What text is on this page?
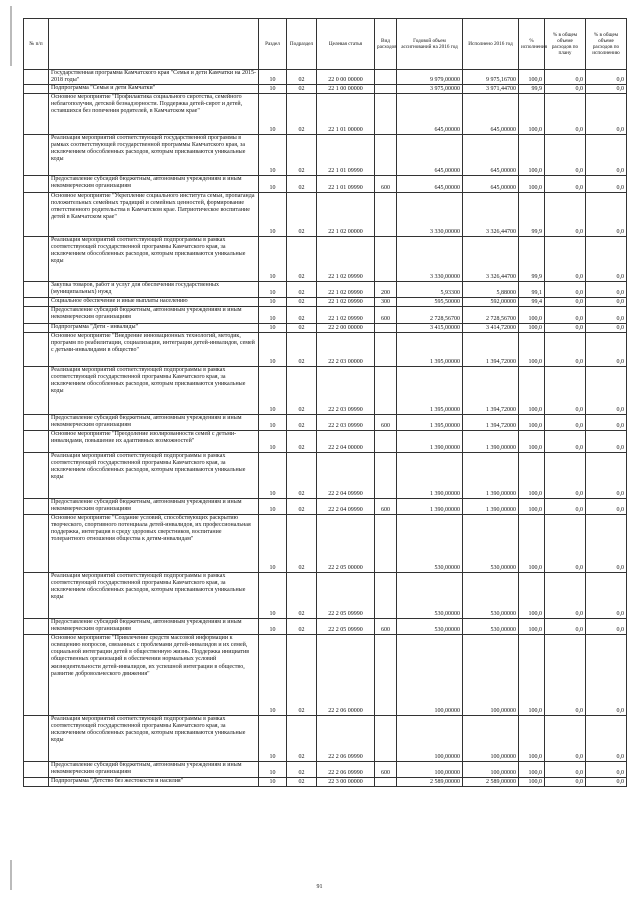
№ п/п		Раздел	Подраздел	Целевая статья	Вид расходов	Годовой объем ассигнований на 2016 год	Исполнено 2016 год	% исполнения	% в общем объеме расходов по плану	% в общем объеме расходов по исполнению
	Государственная программа Камчатского края "Семья и дети Камчатки на 2015-2018 годы"	10	02	22 0 00 00000		9 979,00000	9 975,16700	100,0	0,0	0,0
	Подпрограмма "Семья и дети Камчатки"	10	02	22 1 00 00000		3 975,00000	3 971,44700	99,9	0,0	0,0
	Основное мероприятие "Профилактика социального сиротства, семейного неблагополучия, детской безнадзорности. Поддержка детей-сирот и детей, оставшихся без попечения родителей, в Камчатском крае"	10	02	22 1 01 00000		645,00000	645,00000	100,0	0,0	0,0
	Реализация мероприятий соответствующей государственной программы в рамках соответствующей государственной программы Камчатского края, за исключением обособленных расходов, которым присваиваются уникальные коды	10	02	22 1 01 09990		645,00000	645,00000	100,0	0,0	0,0
	Предоставление субсидий бюджетным, автономным учреждениям и иным некоммерческим организациям	10	02	22 1 01 09990	600	645,00000	645,00000	100,0	0,0	0,0
	Основное мероприятие "Укрепление социального института семьи, пропаганда положительных семейных традиций и семейных ценностей, формирование ответственного родительства в Камчатском крае. Патриотическое воспитание детей в Камчатском крае"	10	02	22 1 02 00000		3 330,00000	3 326,44700	99,9	0,0	0,0
	Реализация мероприятий соответствующей подпрограммы в рамках соответствующей государственной программы Камчатского края, за исключением обособленных расходов, которым присваиваются уникальные коды	10	02	22 1 02 09990		3 330,00000	3 326,44700	99,9	0,0	0,0
	Закупка товаров, работ и услуг для обеспечения государственных (муниципальных) нужд	10	02	22 1 02 09990	200	5,93300	5,88000	99,1	0,0	0,0
	Социальное обеспечение и иные выплаты населению	10	02	22 1 02 09990	300	595,50000	592,00000	99,4	0,0	0,0
	Предоставление субсидий бюджетным, автономным учреждениям и иным некоммерческим организациям	10	02	22 1 02 09990	600	2 728,56700	2 728,56700	100,0	0,0	0,0
	Подпрограмма "Дети - инвалиды"	10	02	22 2 00 00000		3 415,00000	3 414,72000	100,0	0,0	0,0
	Основное мероприятие "Внедрение инновационных технологий, методик, программ по реабилитации, социализации, интеграции детей-инвалидов, семей с детьми-инвалидами в общество"	10	02	22 2 03 00000		1 395,00000	1 394,72000	100,0	0,0	0,0
	Реализация мероприятий соответствующей подпрограммы в рамках соответствующей государственной программы Камчатского края, за исключением обособленных расходов, которым присваиваются уникальные коды	10	02	22 2 03 09990		1 395,00000	1 394,72000	100,0	0,0	0,0
	Предоставление субсидий бюджетным, автономным учреждениям и иным некоммерческим организациям	10	02	22 2 03 09990	600	1 395,00000	1 394,72000	100,0	0,0	0,0
	Основное мероприятие "Преодоление изолированности семей с детьми-инвалидами, повышение их адаптивных возможностей"	10	02	22 2 04 00000		1 390,00000	1 390,00000	100,0	0,0	0,0
	Реализация мероприятий соответствующей подпрограммы в рамках соответствующей государственной программы Камчатского края, за исключением обособленных расходов, которым присваиваются уникальные коды	10	02	22 2 04 09990		1 390,00000	1 390,00000	100,0	0,0	0,0
	Предоставление субсидий бюджетным, автономным учреждениям и иным некоммерческим организациям	10	02	22 2 04 09990	600	1 390,00000	1 390,00000	100,0	0,0	0,0
	Основное мероприятие "Создание условий, способствующих раскрытию творческого, спортивного потенциала детей-инвалидов, их профессиональная поддержка, интеграция в среду здоровых сверстников, воспитание толерантного отношения общества к детям-инвалидам"	10	02	22 2 05 00000		530,00000	530,00000	100,0	0,0	0,0
	Реализация мероприятий соответствующей подпрограммы в рамках соответствующей государственной программы Камчатского края, за исключением обособленных расходов, которым присваиваются уникальные коды	10	02	22 2 05 09990		530,00000	530,00000	100,0	0,0	0,0
	Предоставление субсидий бюджетным, автономным учреждениям и иным некоммерческим организациям	10	02	22 2 05 09990	600	530,00000	530,00000	100,0	0,0	0,0
	Основное мероприятие "Привлечение средств массовой информации к освещению вопросов, связанных с проблемами детей-инвалидов и их семей, социальной интеграции детей в общественную жизнь. Поддержка инициатив общественных организаций в обеспечении нормальных условий жизнедеятельности детей-инвалидов, их успешной интеграции в общество, развитие добровольческого движения"	10	02	22 2 06 00000		100,00000	100,00000	100,0	0,0	0,0
	Реализация мероприятий соответствующей подпрограммы в рамках соответствующей государственной программы Камчатского края, за исключением обособленных расходов, которым присваиваются уникальные коды	10	02	22 2 06 09990		100,00000	100,00000	100,0	0,0	0,0
	Предоставление субсидий бюджетным, автономным учреждениям и иным некоммерческим организациям	10	02	22 2 06 09990	600	100,00000	100,00000	100,0	0,0	0,0
	Подпрограмма "Детство без жестокости и насилия"	10	02	22 3 00 00000		2 589,00000	2 589,00000	100,0	0,0	0,0
91
